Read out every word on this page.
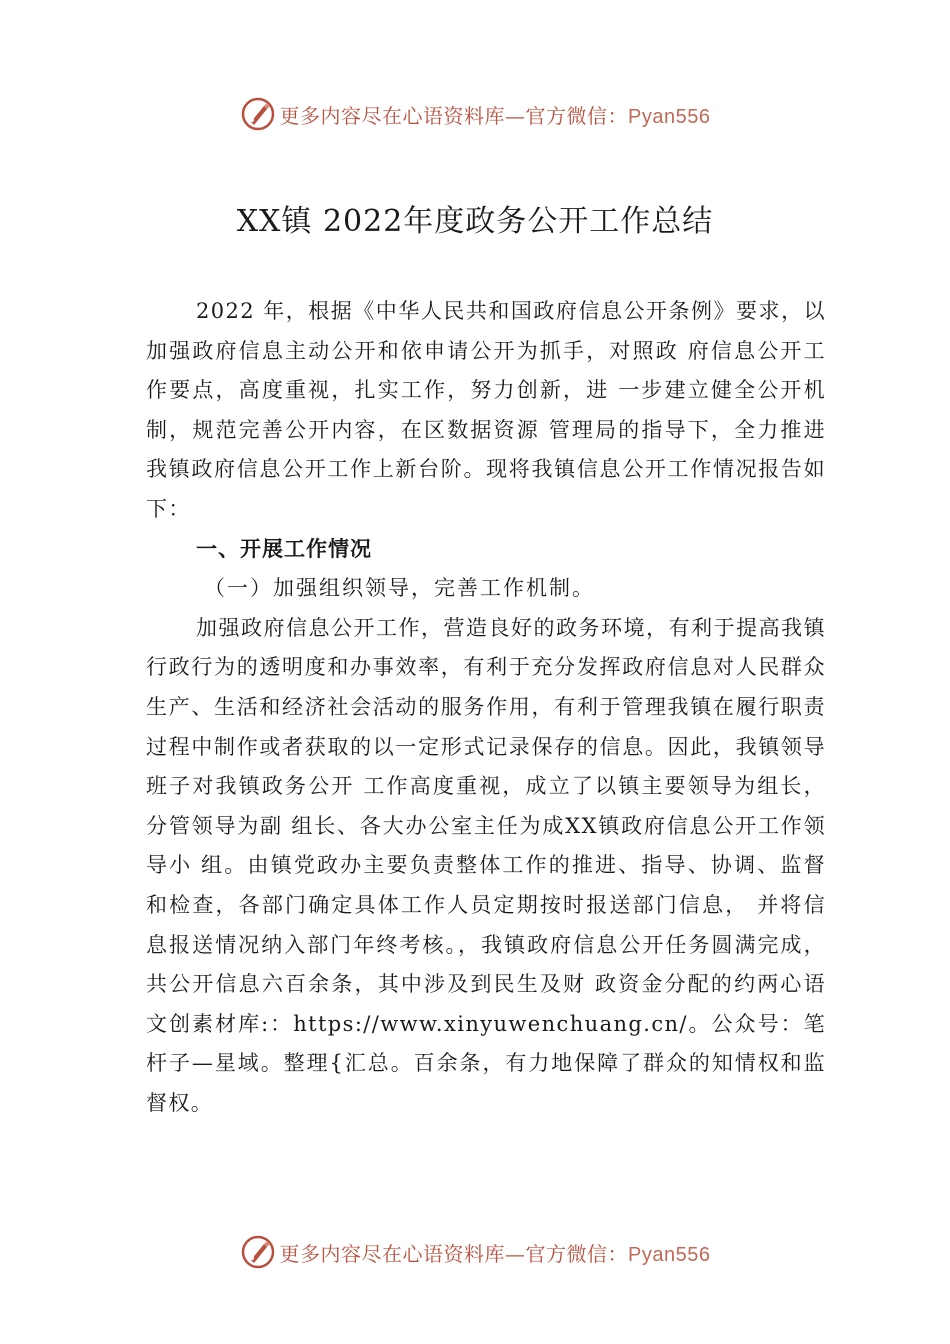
更多内容尽在心语资料库—官方微信：Pyan556
XX镇 2022年度政务公开工作总结

2022 年，根据《中华人民共和国政府信息公开条例》要求，以加强政府信息主动公开和依申请公开为抓手，对照政 府信息公开工作要点，高度重视，扎实工作，努力创新，进 一步建立健全公开机制，规范完善公开内容，在区数据资源 管理局的指导下，全力推进我镇政府信息公开工作上新台阶。现将我镇信息公开工作情况报告如下：

一、开展工作情况

（一）加强组织领导，完善工作机制。

加强政府信息公开工作，营造良好的政务环境，有利于提高我镇行政行为的透明度和办事效率，有利于充分发挥政府信息对人民群众生产、生活和经济社会活动的服务作用，有利于管理我镇在履行职责过程中制作或者获取的以一定形式记录保存的信息。因此，我镇领导班子对我镇政务公开 工作高度重视，成立了以镇主要领导为组长，分管领导为副 组长、各大办公室主任为成XX镇政府信息公开工作领导小 组。由镇党政办主要负责整体工作的推进、指导、协调、监督和检查，各部门确定具体工作人员定期按时报送部门信息， 并将信息报送情况纳入部门年终考核。，我镇政府信息公开任务圆满完成，共公开信息六百余条，其中涉及到民生及财 政资金分配的约两心语文创素材库:：https://www.xinyuwenchuang.cn/。公众号：笔杆子—星域。整理{汇总。百余条，有力地保障了群众的知情权和监 督权。

更多内容尽在心语资料库—官方微信：Pyan556
